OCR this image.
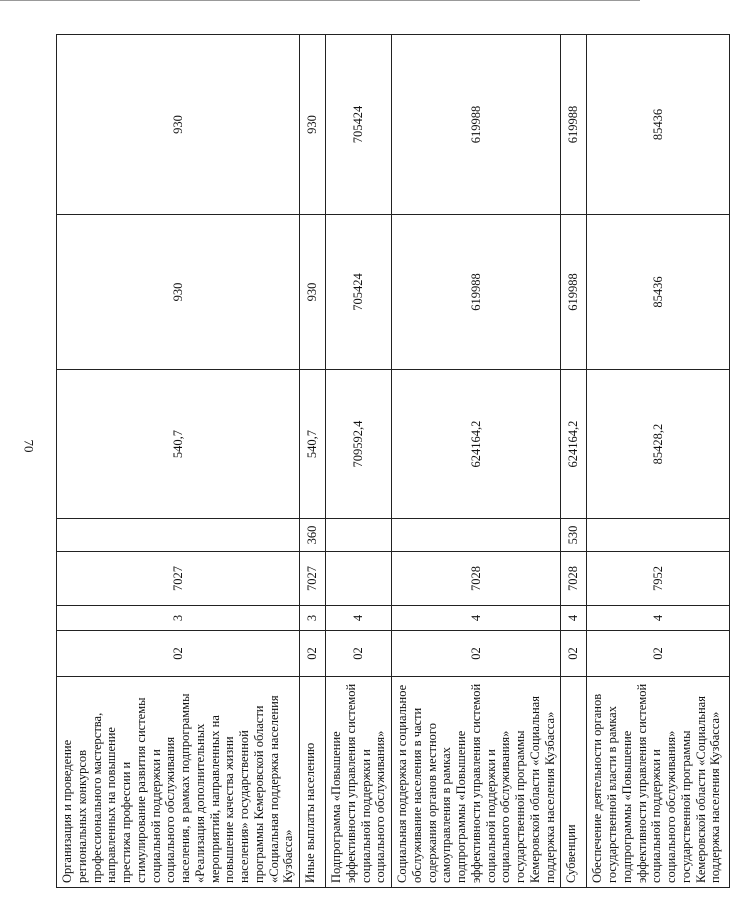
70
Организация и проведение региональных конкурсов профессионального мастерства, направленных на повышение престижа профессии и стимулирование развития системы социальной поддержки и социального обслуживания населения, в рамках подпрограммы «Реализация дополнительных мероприятий, направленных на повышение качества жизни населения» государственной программы Кемеровской области «Социальная поддержка населения Кузбасса»	02	3	7027		540,7	930	930
Иные выплаты населению	02	3	7027	360	540,7	930	930
Подпрограмма «Повышение эффективности управления системой социальной поддержки и социального обслуживания»	02	4			709592,4	705424	705424
Социальная поддержка и социальное обслуживание населения в части содержания органов местного самоуправления в рамках подпрограммы «Повышение эффективности управления системой социальной поддержки и социального обслуживания» государственной программы Кемеровской области «Социальная поддержка населения Кузбасса»	02	4	7028		624164,2	619988	619988
Субвенции	02	4	7028	530	624164,2	619988	619988
Обеспечение деятельности органов государственной власти в рамках подпрограммы «Повышение эффективности управления системой социальной поддержки и социального обслуживания» государственной программы Кемеровской области «Социальная поддержка населения Кузбасса»	02	4	7952		85428,2	85436	85436
